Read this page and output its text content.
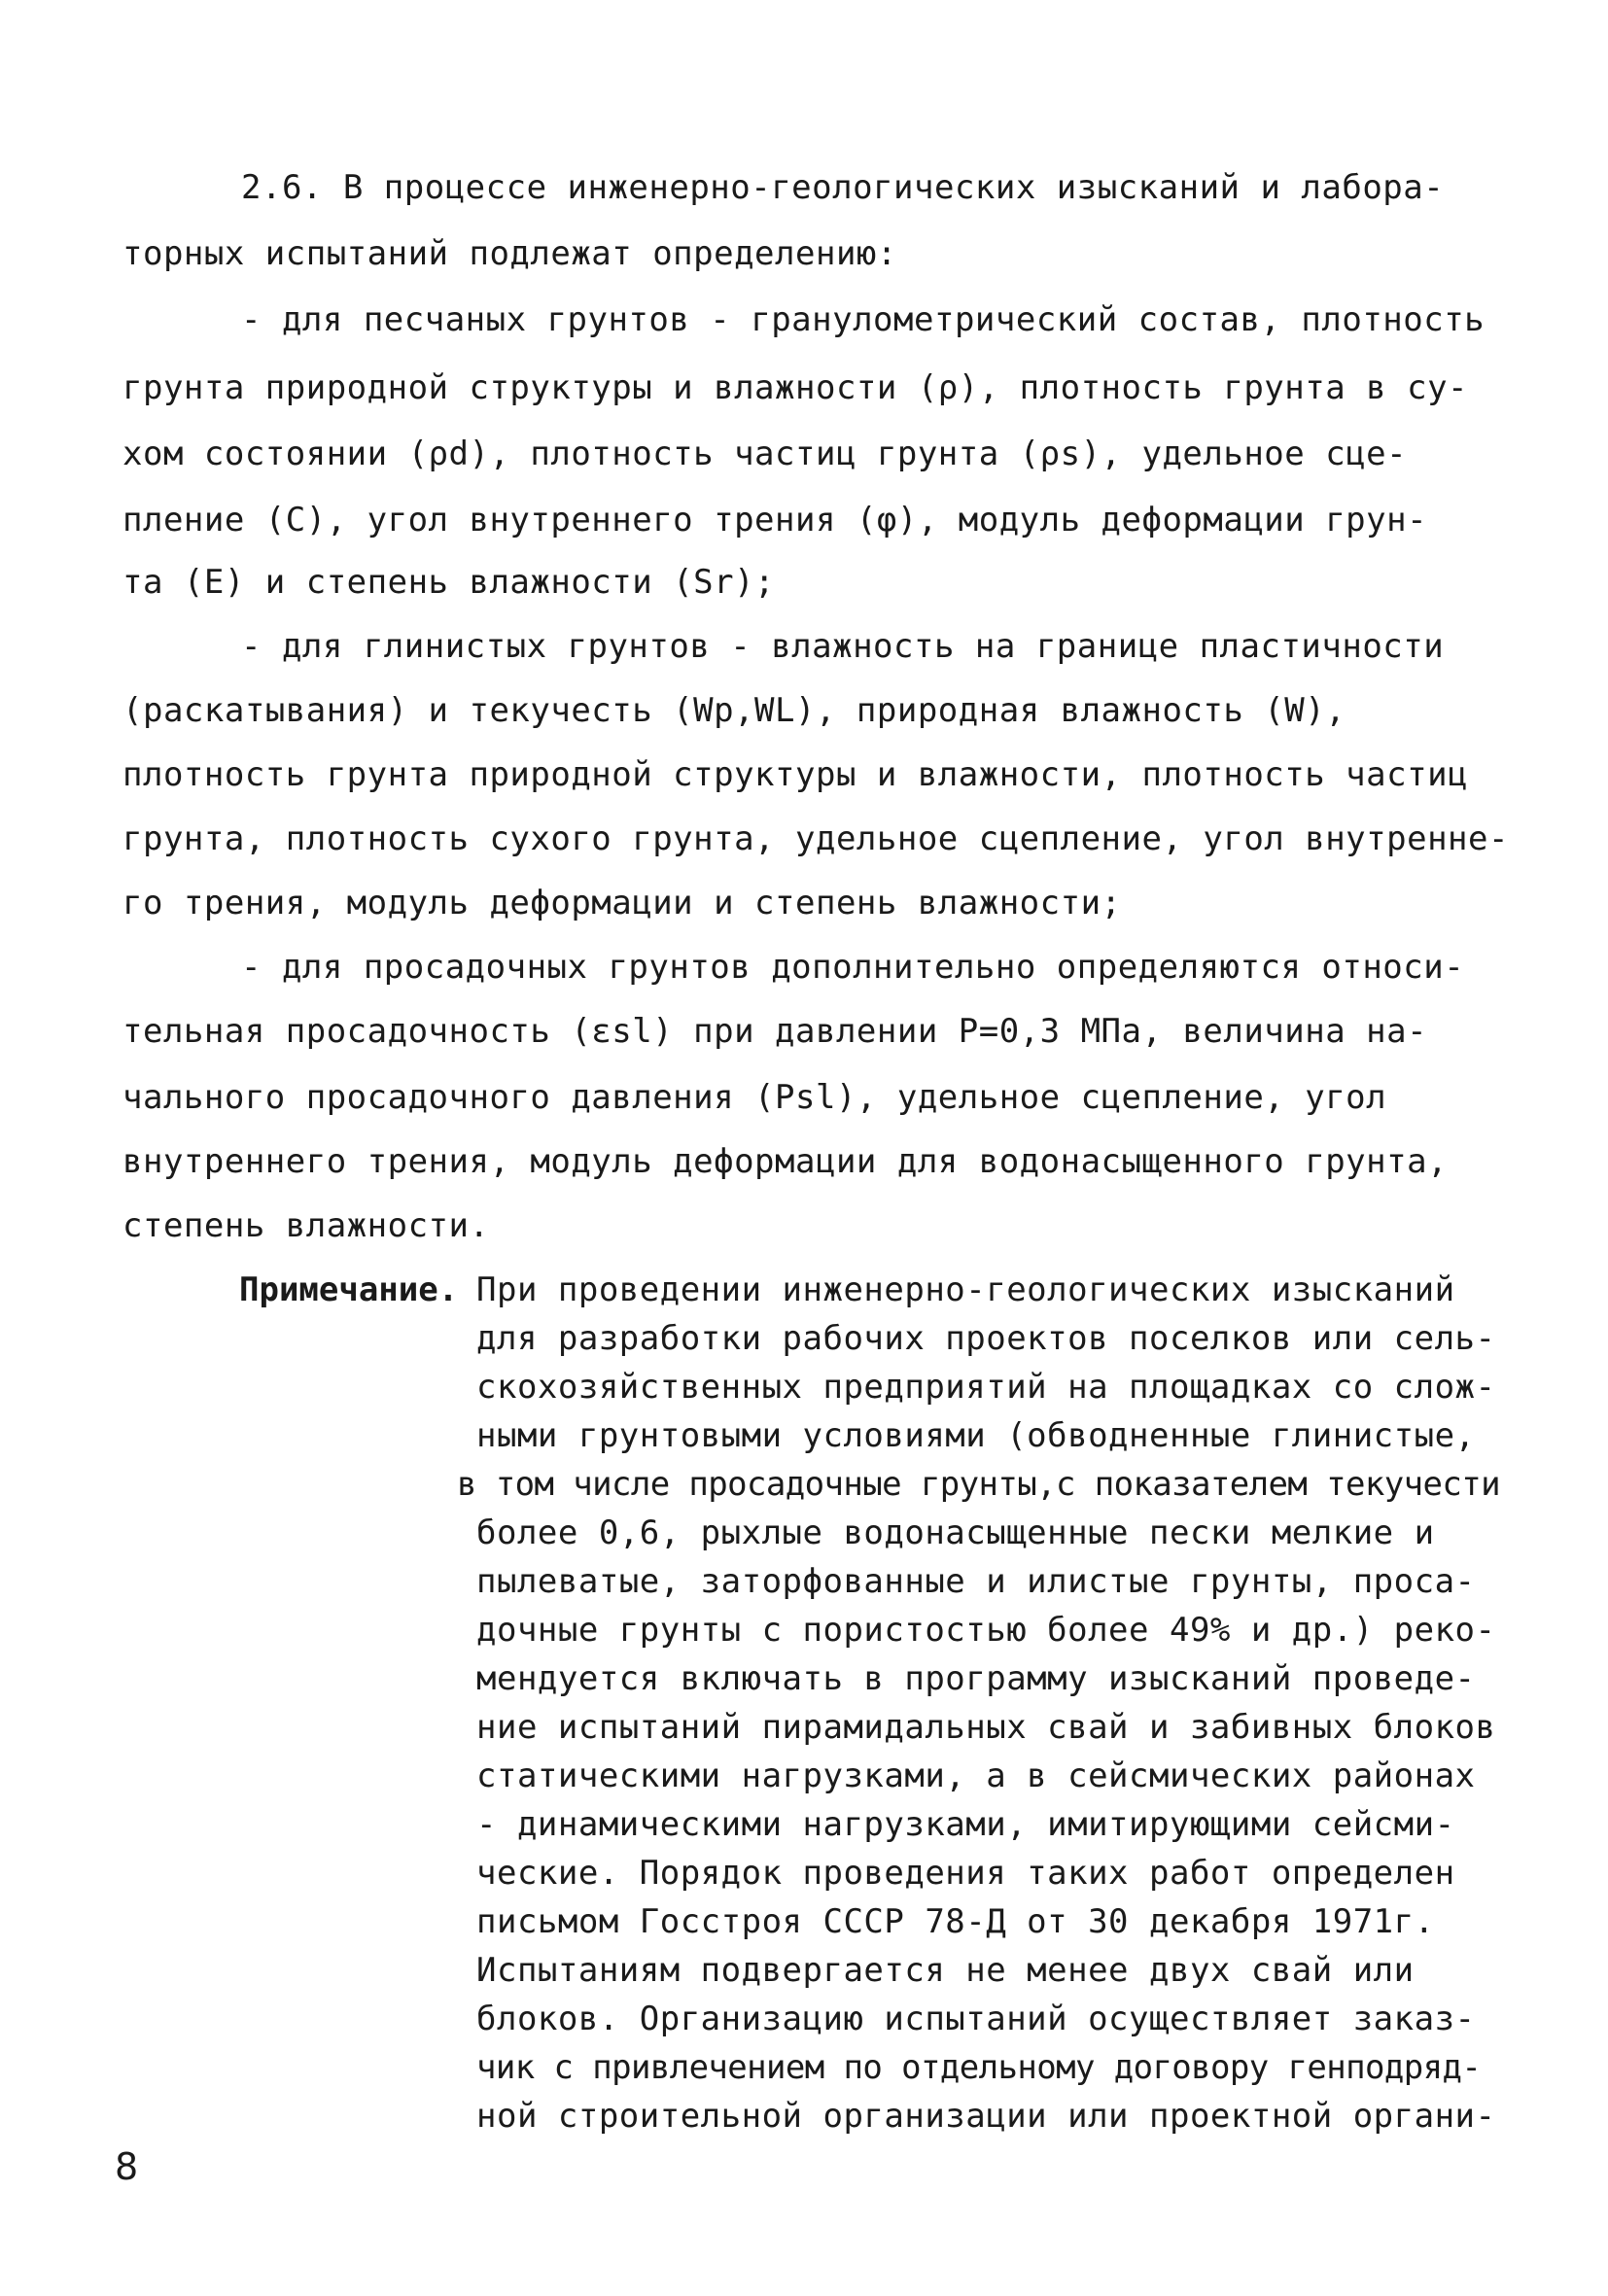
2.6. В процессе инженерно-геологических изысканий и лабора-
торных испытаний подлежат определению:
- для песчаных грунтов - гранулометрический состав, плотность
грунта природной структуры и влажности (ρ), плотность грунта в су-
хом состоянии (ρd), плотность частиц грунта (ρs), удельное сце-
пление (C), угол внутреннего трения (φ), модуль деформации грун-
та (E) и степень влажности (Sr);
- для глинистых грунтов - влажность на границе пластичности
(раскатывания) и текучесть (Wp,WL), природная влажность (W),
плотность грунта природной структуры и влажности, плотность частиц
грунта, плотность сухого грунта, удельное сцепление, угол внутренне-
го трения, модуль деформации и степень влажности;
- для просадочных грунтов дополнительно определяются относи-
тельная просадочность (εsl) при давлении Р=0,3 МПа, величина на-
чального просадочного давления (Psl), удельное сцепление, угол
внутреннего трения, модуль деформации для водонасыщенного грунта,
степень влажности.
Примечание. При проведении инженерно-геологических изысканий
для разработки рабочих проектов поселков или сель-
скохозяйственных предприятий на площадках со слож-
ными грунтовыми условиями (обводненные глинистые,
в том числе просадочные грунты,с показателем текучести
более 0,6, рыхлые водонасыщенные пески мелкие и
пылеватые, заторфованные и илистые грунты, проса-
дочные грунты с пористостью более 49% и др.) реко-
мендуется включать в программу изысканий проведе-
ние испытаний пирамидальных свай и забивных блоков
статическими нагрузками, а в сейсмических районах
- динамическими нагрузками, имитирующими сейсми-
ческие. Порядок проведения таких работ определен
письмом Госстроя СССР 78-Д от 30 декабря 1971г.
Испытаниям подвергается не менее двух свай или
блоков. Организацию испытаний осуществляет заказ-
чик с привлечением по отдельному договору генподряд-
ной строительной организации или проектной органи-
8
